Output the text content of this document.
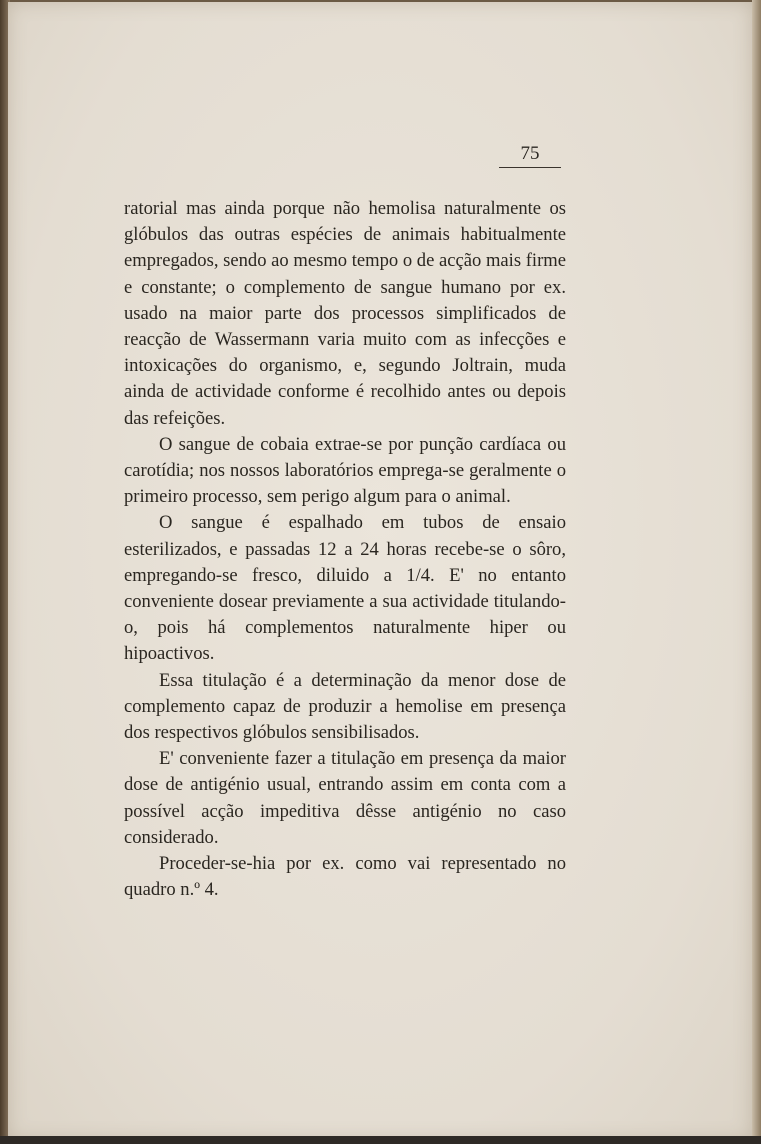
75

ratorial mas ainda porque não hemolisa naturalmente os glóbulos das outras espécies de animais habitualmente empregados, sendo ao mesmo tempo o de acção mais firme e constante; o complemento de sangue humano por ex. usado na maior parte dos processos simplificados de reacção de Wassermann varia muito com as infecções e intoxicações do organismo, e, segundo Joltrain, muda ainda de actividade conforme é recolhido antes ou depois das refeições.

O sangue de cobaia extrae-se por punção cardíaca ou carotídia; nos nossos laboratórios emprega-se geralmente o primeiro processo, sem perigo algum para o animal.

O sangue é espalhado em tubos de ensaio esterilizados, e passadas 12 a 24 horas recebe-se o sôro, empregando-se fresco, diluido a 1/4. E' no entanto conveniente dosear previamente a sua actividade titulando-o, pois há complementos naturalmente hiper ou hipoactivos.

Essa titulação é a determinação da menor dose de complemento capaz de produzir a hemolise em presença dos respectivos glóbulos sensibilisados.

E' conveniente fazer a titulação em presença da maior dose de antigénio usual, entrando assim em conta com a possível acção impeditiva dêsse antigénio no caso considerado.

Proceder-se-hia por ex. como vai representado no quadro n.º 4.
